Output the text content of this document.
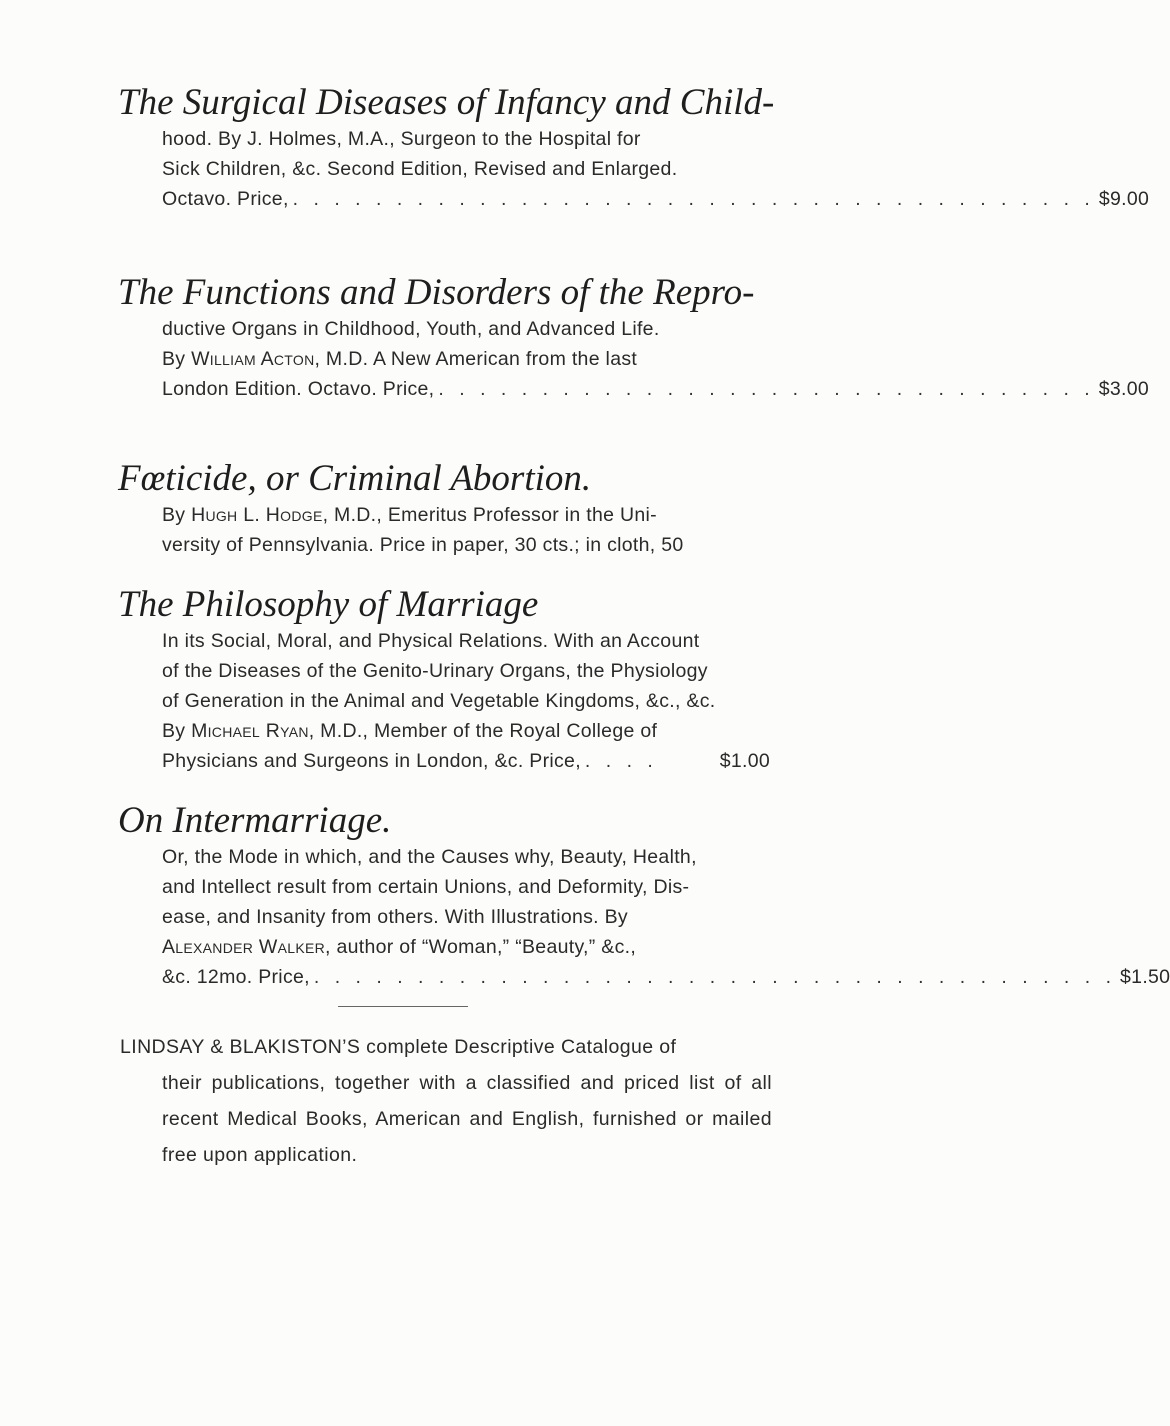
The Surgical Diseases of Infancy and Child-
hood. By J. Holmes, M.A., Surgeon to the Hospital for
Sick Children, &c. Second Edition, Revised and Enlarged.
Octavo. Price, . . . . . . . . . . . . . . . . . . . . . . . . . . . . . . . . . . . . . . . $9.00
The Functions and Disorders of the Repro-
ductive Organs in Childhood, Youth, and Advanced Life.
By William Acton, M.D. A New American from the last
London Edition. Octavo. Price, . . . . . . . . . . . . . . . . . . . . . . . . . . . . . . . . $3.00
Fœticide, or Criminal Abortion.
By Hugh L. Hodge, M.D., Emeritus Professor in the Uni-
versity of Pennsylvania. Price in paper, 30 cts.; in cloth, 50
The Philosophy of Marriage
In its Social, Moral, and Physical Relations. With an Account
of the Diseases of the Genito-Urinary Organs, the Physiology
of Generation in the Animal and Vegetable Kingdoms, &c., &c.
By Michael Ryan, M.D., Member of the Royal College of
Physicians and Surgeons in London, &c. Price, . . . .	$1.00
On Intermarriage.
Or, the Mode in which, and the Causes why, Beauty, Health,
and Intellect result from certain Unions, and Deformity, Dis-
ease, and Insanity from others. With Illustrations. By
Alexander Walker, author of “Woman,” “Beauty,” &c.,
&c. 12mo. Price, . . . . . . . . . . . . . . . . . . . . . . . . . . . . . . . . . . . . . . . $1.50
LINDSAY & BLAKISTON’S complete Descriptive Catalogue of
their publications, together with a classified and priced list of all recent Medical Books, American and English, furnished or mailed free upon application.
